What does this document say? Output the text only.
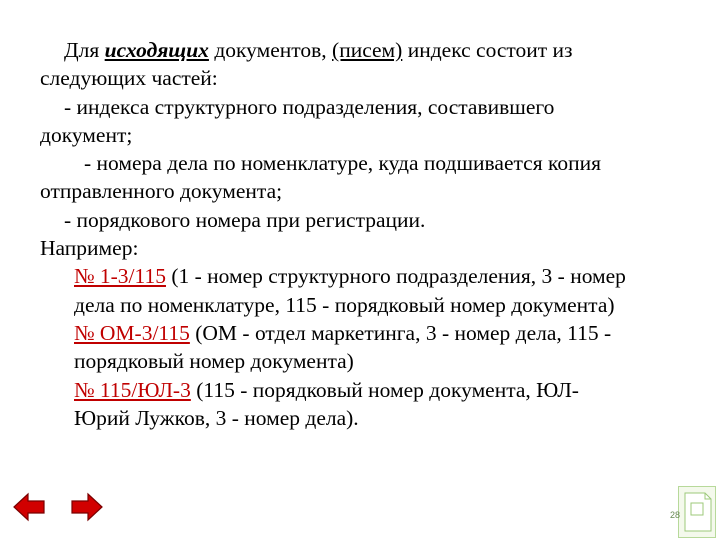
Для исходящих документов, (писем) индекс состоит из

следующих частей:

- индекса структурного подразделения, составившего

документ;

- номера дела по номенклатуре, куда подшивается копия

отправленного документа;

- порядкового номера при регистрации.

Например:

№ 1-3/115 (1 - номер структурного подразделения, 3 - номер

дела по номенклатуре, 115 - порядковый номер документа)

№ ОМ-3/115 (ОМ - отдел маркетинга, 3 - номер дела, 115 -

порядковый номер документа)

№ 115/ЮЛ-3 (115 - порядковый номер документа, ЮЛ-

Юрий Лужков, 3 - номер дела).

28
